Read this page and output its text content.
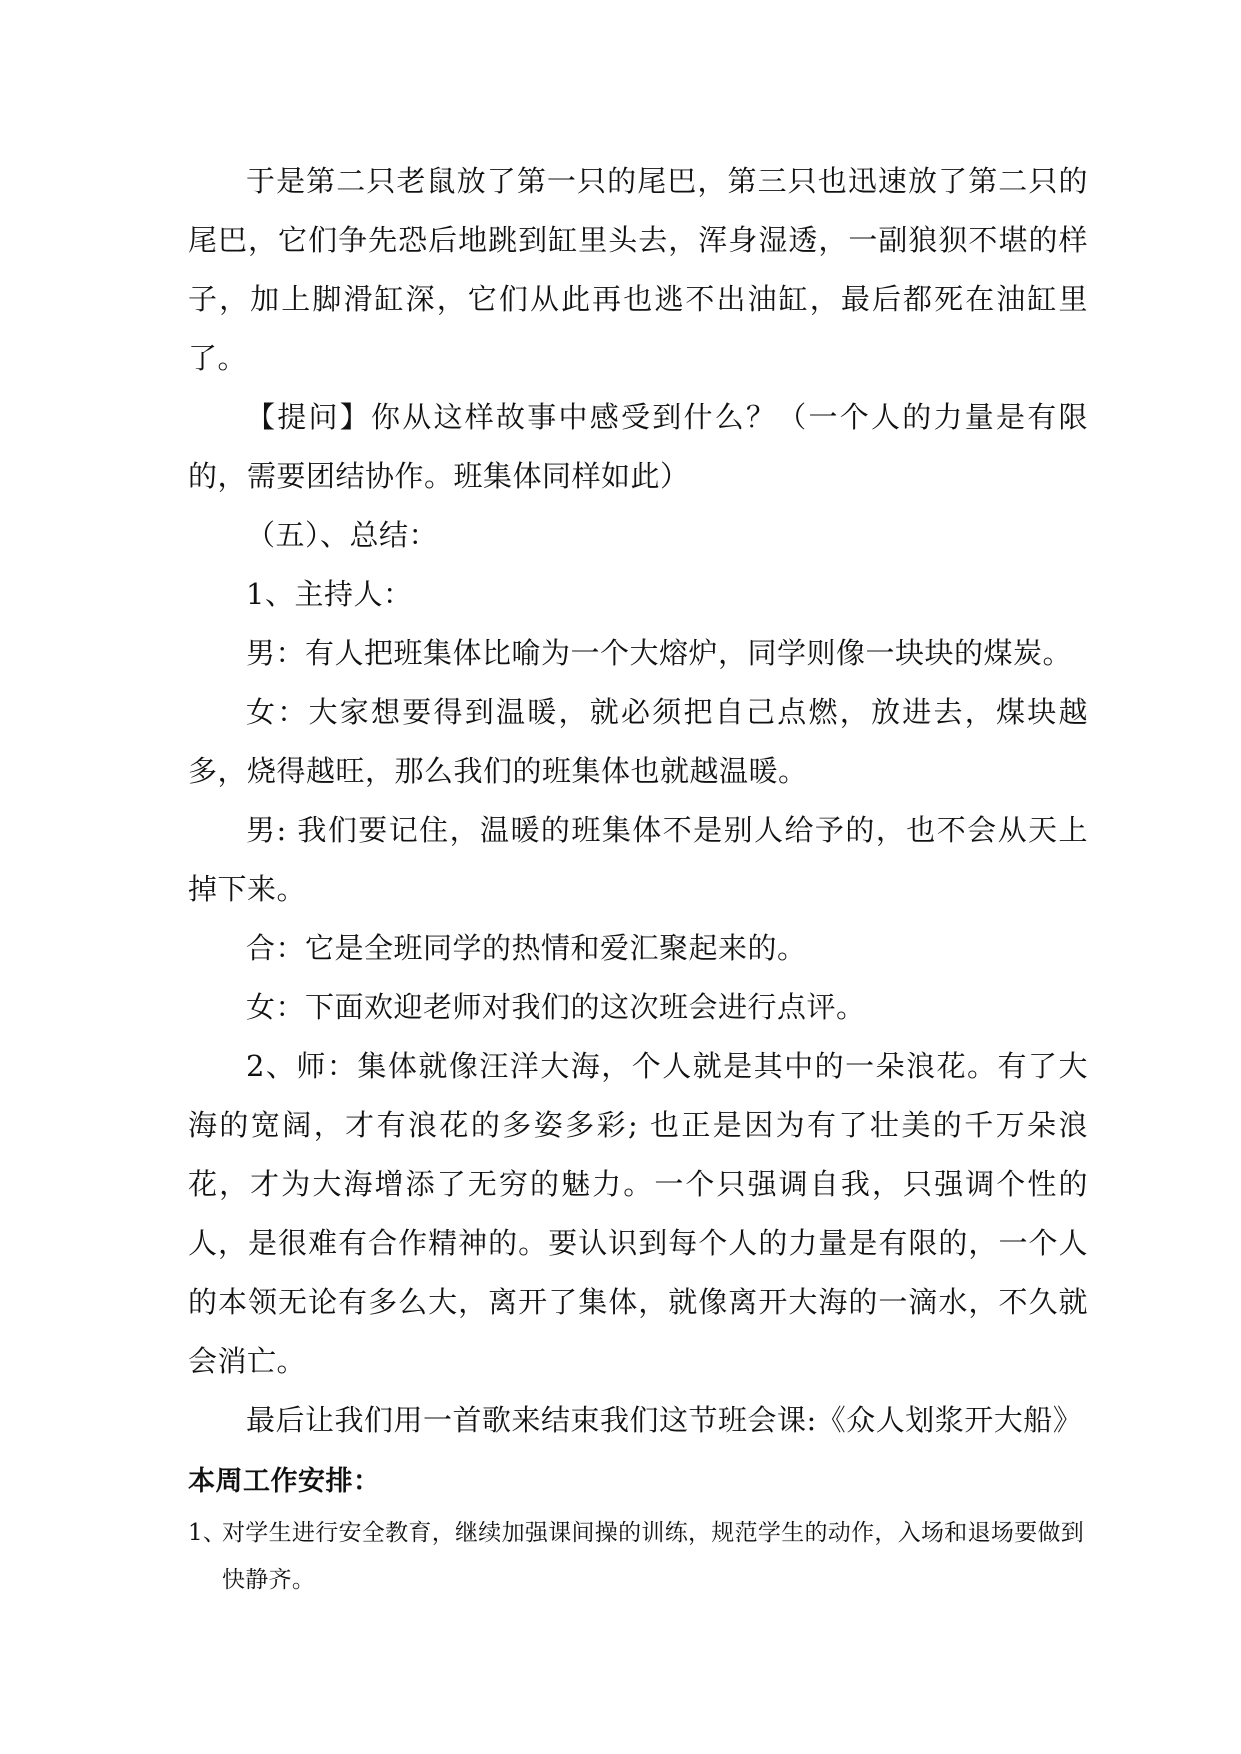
于是第二只老鼠放了第一只的尾巴，第三只也迅速放了第二只的尾巴，它们争先恐后地跳到缸里头去，浑身湿透，一副狼狈不堪的样子，加上脚滑缸深，它们从此再也逃不出油缸，最后都死在油缸里了。

【提问】你从这样故事中感受到什么？（一个人的力量是有限的，需要团结协作。班集体同样如此）

（五）、总结：

1、主持人：

男：有人把班集体比喻为一个大熔炉，同学则像一块块的煤炭。

女：大家想要得到温暖，就必须把自己点燃，放进去，煤块越多，烧得越旺，那么我们的班集体也就越温暖。

男: 我们要记住，温暖的班集体不是别人给予的，也不会从天上掉下来。

合：它是全班同学的热情和爱汇聚起来的。

女：下面欢迎老师对我们的这次班会进行点评。

2、师：集体就像汪洋大海，个人就是其中的一朵浪花。有了大海的宽阔，才有浪花的多姿多彩; 也正是因为有了壮美的千万朵浪花，才为大海增添了无穷的魅力。一个只强调自我，只强调个性的人，是很难有合作精神的。要认识到每个人的力量是有限的，一个人的本领无论有多么大，离开了集体，就像离开大海的一滴水，不久就会消亡。

最后让我们用一首歌来结束我们这节班会课:《众人划浆开大船》

本周工作安排：
1、对学生进行安全教育，继续加强课间操的训练，规范学生的动作，入场和退场要做到快静齐。
